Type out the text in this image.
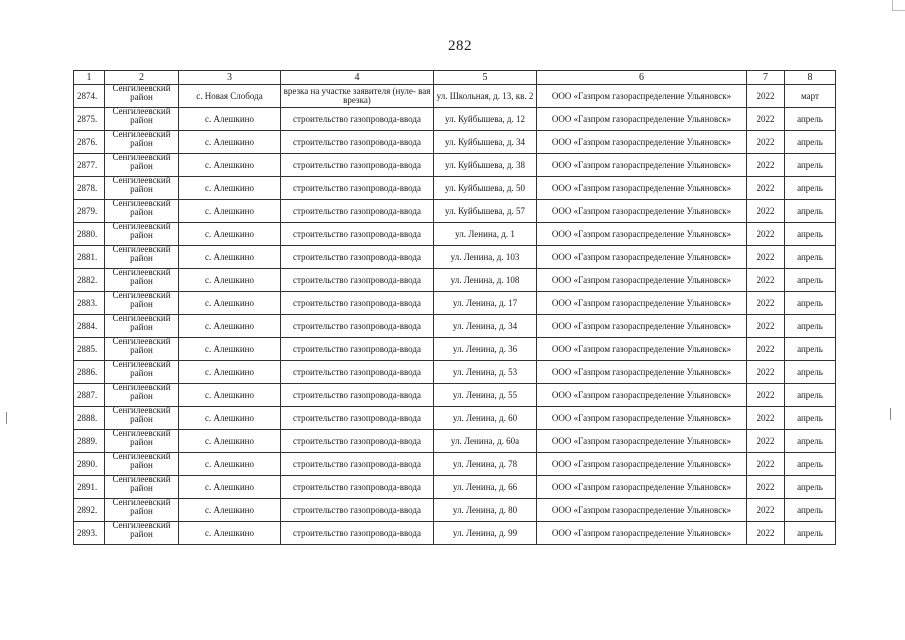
282
1	2	3	4	5	6	7	8
2874.	Сенгилеевский район	с. Новая Слобода	врезка на участке заявителя (нуле- вая врезка)	ул. Школьная, д. 13, кв. 2	ООО «Газпром газораспределение Ульяновск»	2022	март
2875.	Сенгилеевский район	с. Алешкино	строительство газопровода-ввода	ул. Куйбышева, д. 12	ООО «Газпром газораспределение Ульяновск»	2022	апрель
2876.	Сенгилеевский район	с. Алешкино	строительство газопровода-ввода	ул. Куйбышева, д. 34	ООО «Газпром газораспределение Ульяновск»	2022	апрель
2877.	Сенгилеевский район	с. Алешкино	строительство газопровода-ввода	ул. Куйбышева, д. 38	ООО «Газпром газораспределение Ульяновск»	2022	апрель
2878.	Сенгилеевский район	с. Алешкино	строительство газопровода-ввода	ул. Куйбышева, д. 50	ООО «Газпром газораспределение Ульяновск»	2022	апрель
2879.	Сенгилеевский район	с. Алешкино	строительство газопровода-ввода	ул. Куйбышева, д. 57	ООО «Газпром газораспределение Ульяновск»	2022	апрель
2880.	Сенгилеевский район	с. Алешкино	строительство газопровода-ввода	ул. Ленина, д. 1	ООО «Газпром газораспределение Ульяновск»	2022	апрель
2881.	Сенгилеевский район	с. Алешкино	строительство газопровода-ввода	ул. Ленина, д. 103	ООО «Газпром газораспределение Ульяновск»	2022	апрель
2882.	Сенгилеевский район	с. Алешкино	строительство газопровода-ввода	ул. Ленина, д. 108	ООО «Газпром газораспределение Ульяновск»	2022	апрель
2883.	Сенгилеевский район	с. Алешкино	строительство газопровода-ввода	ул. Ленина, д. 17	ООО «Газпром газораспределение Ульяновск»	2022	апрель
2884.	Сенгилеевский район	с. Алешкино	строительство газопровода-ввода	ул. Ленина, д. 34	ООО «Газпром газораспределение Ульяновск»	2022	апрель
2885.	Сенгилеевский район	с. Алешкино	строительство газопровода-ввода	ул. Ленина, д. 36	ООО «Газпром газораспределение Ульяновск»	2022	апрель
2886.	Сенгилеевский район	с. Алешкино	строительство газопровода-ввода	ул. Ленина, д. 53	ООО «Газпром газораспределение Ульяновск»	2022	апрель
2887.	Сенгилеевский район	с. Алешкино	строительство газопровода-ввода	ул. Ленина, д. 55	ООО «Газпром газораспределение Ульяновск»	2022	апрель
2888.	Сенгилеевский район	с. Алешкино	строительство газопровода-ввода	ул. Ленина, д. 60	ООО «Газпром газораспределение Ульяновск»	2022	апрель
2889.	Сенгилеевский район	с. Алешкино	строительство газопровода-ввода	ул. Ленина, д. 60а	ООО «Газпром газораспределение Ульяновск»	2022	апрель
2890.	Сенгилеевский район	с. Алешкино	строительство газопровода-ввода	ул. Ленина, д. 78	ООО «Газпром газораспределение Ульяновск»	2022	апрель
2891.	Сенгилеевский район	с. Алешкино	строительство газопровода-ввода	ул. Ленина, д. 66	ООО «Газпром газораспределение Ульяновск»	2022	апрель
2892.	Сенгилеевский район	с. Алешкино	строительство газопровода-ввода	ул. Ленина, д. 80	ООО «Газпром газораспределение Ульяновск»	2022	апрель
2893.	Сенгилеевский район	с. Алешкино	строительство газопровода-ввода	ул. Ленина, д. 99	ООО «Газпром газораспределение Ульяновск»	2022	апрель
